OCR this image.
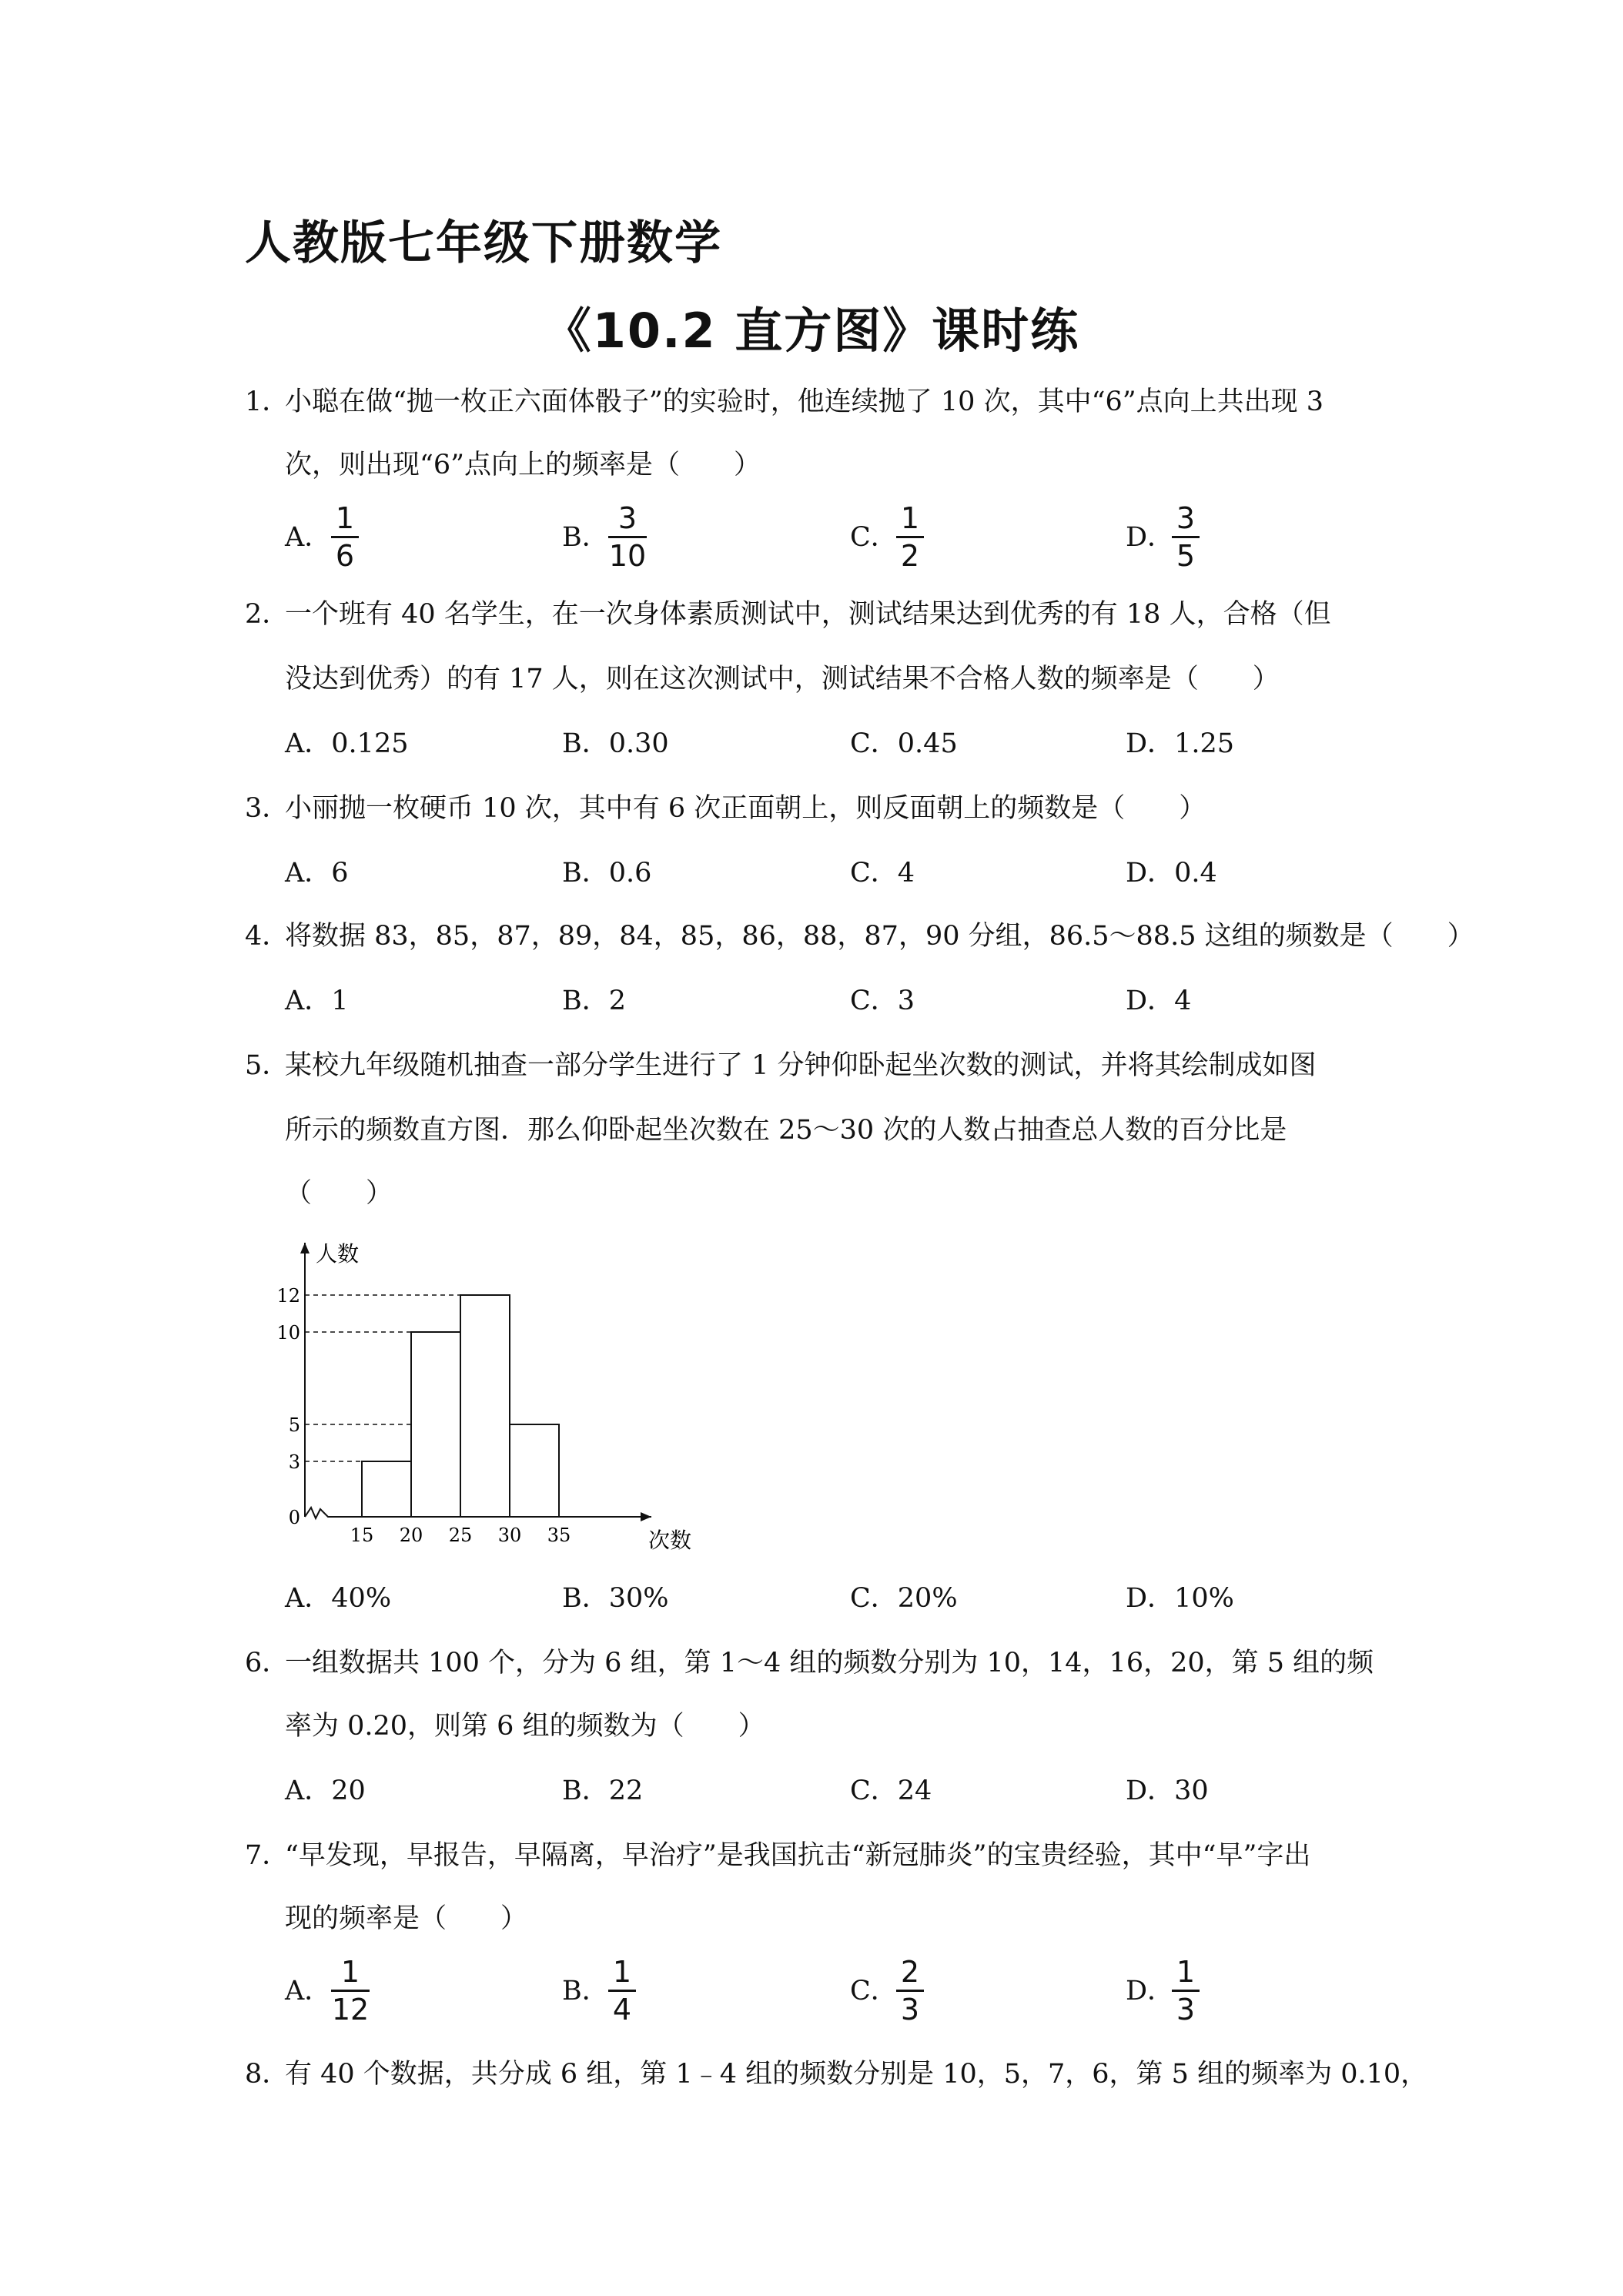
人教版七年级下册数学
《10.2 直方图》课时练
1．
小聪在做“抛一枚正六面体骰子”的实验时，他连续抛了 10 次，其中“6”点向上共出现 3
次，则出现“6”点向上的频率是（　　）
A．
1
6
B．
3
10
C．
1
2
D．
3
5
2．
一个班有 40 名学生，在一次身体素质测试中，测试结果达到优秀的有 18 人，合格（但
没达到优秀）的有 17 人，则在这次测试中，测试结果不合格人数的频率是（　　）
A．0.125	B．0.30	C．0.45	D．1.25
3．
小丽抛一枚硬币 10 次，其中有 6 次正面朝上，则反面朝上的频数是（　　）
A．6	B．0.6	C．4	D．0.4
4．
将数据 83，85，87，89，84，85，86，88，87，90 分组，86.5～88.5 这组的频数是（　　）
A．1	B．2	C．3	D．4
5．
某校九年级随机抽查一部分学生进行了 1 分钟仰卧起坐次数的测试，并将其绘制成如图
所示的频数直方图．那么仰卧起坐次数在 25～30 次的人数占抽查总人数的百分比是
（　　）
人数
次数
0
3
5
10
12
15 20 25 30 35
A．40%	B．30%	C．20%	D．10%
6．
一组数据共 100 个，分为 6 组，第 1～4 组的频数分别为 10，14，16，20，第 5 组的频
率为 0.20，则第 6 组的频数为（　　）
A．20	B．22	C．24	D．30
7．
“早发现，早报告，早隔离，早治疗”是我国抗击“新冠肺炎”的宝贵经验，其中“早”字出
现的频率是（　　）
A．
1
12
B．
1
4
C．
2
3
D．
1
3
8．
有 40 个数据，共分成 6 组，第 1﹣4 组的频数分别是 10，5，7，6，第 5 组的频率为 0.10，
